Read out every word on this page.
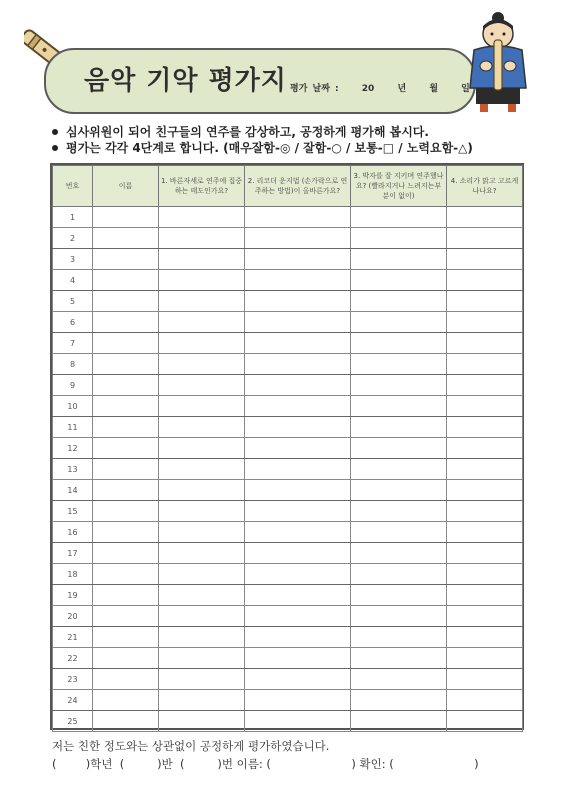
음악 기악 평가지 평가 날짜 :	20	년	월	일
심사위원이 되어 친구들의 연주를 감상하고, 공정하게 평가해 봅시다.
평가는 각각 4단계로 합니다. (매우잘함-◎ / 잘함-○ / 보통-□ / 노력요함-△)
번호	이름	1. 바른자세로 연주에 집중하는 태도인가요?	2. 리코더 운지법 (손가락으로 연주하는 방법)이 올바른가요?	3. 박자를 잘 지키며 연주했나요? (빨라지거나 느려지는부분이 없이)	4. 소리가 맑고 고르게 나나요?
1					
2					
3					
4					
5					
6					
7					
8					
9					
10					
11					
12					
13					
14					
15					
16					
17					
18					
19					
20					
21					
22					
23					
24					
25					
저는 친한 정도와는 상관없이 공정하게 평가하였습니다.
(        )학년  (         )반  (         )번 이름: (                      ) 확인: (                      )
